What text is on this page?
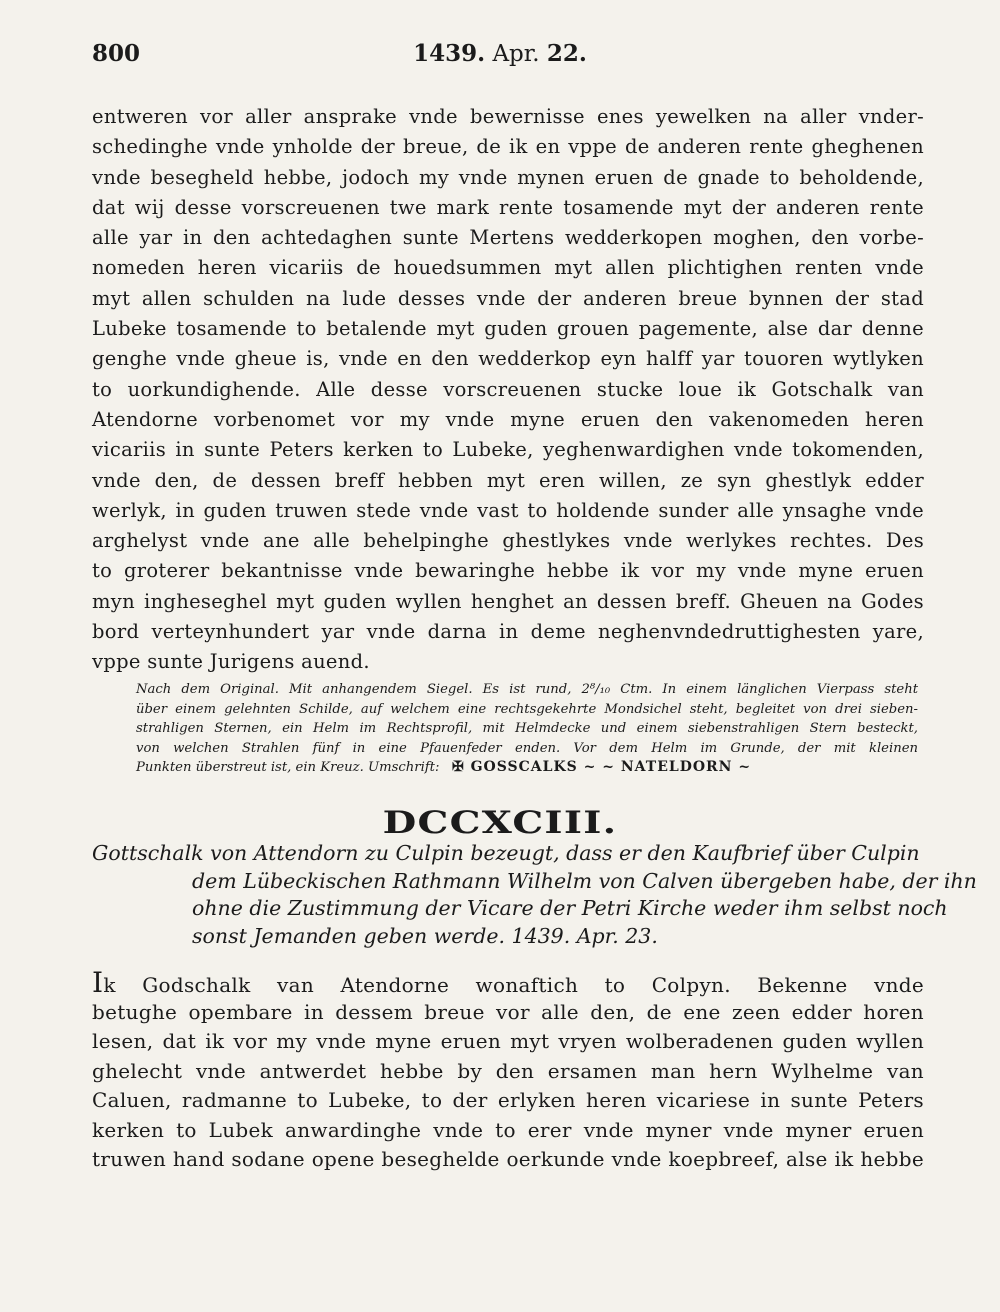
800	1439. Apr. 22.
entweren vor aller ansprake vnde bewernisse enes yewelken na aller vnder-
schedinghe vnde ynholde der breue, de ik en vppe de anderen rente gheghenen
vnde besegheld hebbe, jodoch my vnde mynen eruen de gnade to beholdende,
dat wij desse vorscreuenen twe mark rente tosamende myt der anderen rente
alle yar in den achtedaghen sunte Mertens wedderkopen moghen, den vorbe-
nomeden heren vicariis de houedsummen myt allen plichtighen renten vnde
myt allen schulden na lude desses vnde der anderen breue bynnen der stad
Lubeke tosamende to betalende myt guden grouen pagemente, alse dar denne
genghe vnde gheue is, vnde en den wedderkop eyn halff yar touoren wytlyken
to uorkundighende. Alle desse vorscreuenen stucke loue ik Gotschalk van
Atendorne vorbenomet vor my vnde myne eruen den vakenomeden heren
vicariis in sunte Peters kerken to Lubeke, yeghenwardighen vnde tokomenden,
vnde den, de dessen breff hebben myt eren willen, ze syn ghestlyk edder
werlyk, in guden truwen stede vnde vast to holdende sunder alle ynsaghe vnde
arghelyst vnde ane alle behelpinghe ghestlykes vnde werlykes rechtes. Des
to groterer bekantnisse vnde bewaringhe hebbe ik vor my vnde myne eruen
myn ingheseghel myt guden wyllen henghet an dessen breff. Gheuen na Godes
bord verteynhundert yar vnde darna in deme neghenvndedruttighesten yare,
vppe sunte Jurigens auend.
Nach dem Original. Mit anhangendem Siegel. Es ist rund, 2⁸/₁₀ Ctm. In einem länglichen Vierpass steht
über einem gelehnten Schilde, auf welchem eine rechtsgekehrte Mondsichel steht, begleitet von drei sieben-
strahligen Sternen, ein Helm im Rechtsprofil, mit Helmdecke und einem siebenstrahligen Stern besteckt,
von welchen Strahlen fünf in eine Pfauenfeder enden. Vor dem Helm im Grunde, der mit kleinen
Punkten überstreut ist, ein Kreuz. Umschrift: ✠ GOSSCALKS ~ ~ NATELDORN ~
DCCXCIII.
Gottschalk von Attendorn zu Culpin bezeugt, dass er den Kaufbrief über Culpin
dem Lübeckischen Rathmann Wilhelm von Calven übergeben habe, der ihn
ohne die Zustimmung der Vicare der Petri Kirche weder ihm selbst noch
sonst Jemanden geben werde. 1439. Apr. 23.
Ik Godschalk van Atendorne wonaftich to Colpyn. Bekenne vnde
betughe opembare in dessem breue vor alle den, de ene zeen edder horen
lesen, dat ik vor my vnde myne eruen myt vryen wolberadenen guden wyllen
ghelecht vnde antwerdet hebbe by den ersamen man hern Wylhelme van
Caluen, radmanne to Lubeke, to der erlyken heren vicariese in sunte Peters
kerken to Lubek anwardinghe vnde to erer vnde myner vnde myner eruen
truwen hand sodane opene beseghelde oerkunde vnde koepbreef, alse ik hebbe
